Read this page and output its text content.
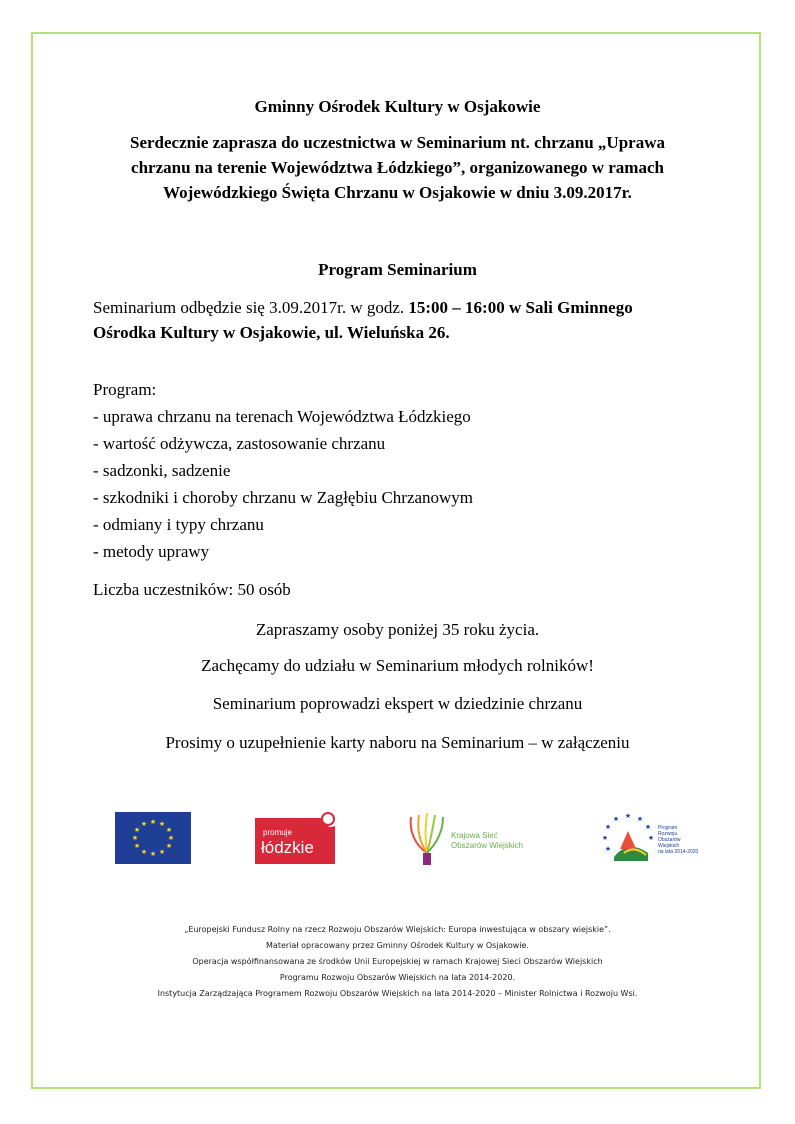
Gminny Ośrodek Kultury w Osjakowie
Serdecznie zaprasza do uczestnictwa w Seminarium nt. chrzanu „Uprawa
chrzanu na terenie Województwa Łódzkiego”, organizowanego w ramach
Wojewódzkiego Święta Chrzanu w Osjakowie w dniu 3.09.2017r.
Program Seminarium
Seminarium odbędzie się 3.09.2017r. w godz. 15:00 – 16:00 w Sali Gminnego
Ośrodka Kultury w Osjakowie, ul. Wieluńska 26.
Program:
- uprawa chrzanu na terenach Województwa Łódzkiego
- wartość odżywcza, zastosowanie chrzanu
- sadzonki, sadzenie
- szkodniki i choroby chrzanu w Zagłębiu Chrzanowym
- odmiany i typy chrzanu
- metody uprawy
Liczba uczestników: 50 osób
Zapraszamy osoby poniżej 35 roku życia.
Zachęcamy do udziału w Seminarium młodych rolników!
Seminarium poprowadzi ekspert w dziedzinie chrzanu
Prosimy o uzupełnienie karty naboru na Seminarium – w załączeniu
★ ★
★
★
★
★
★
★
★
★
★
★
promuje
łódzkie
Krajowa Sieć
Obszarów Wiejskich
★ ★
★
★
★
★
★
★
Program
Rozwoju
Obszarów
Wiejskich
na lata 2014-2020
„Europejski Fundusz Rolny na rzecz Rozwoju Obszarów Wiejskich: Europa inwestująca w obszary wiejskie”.
Materiał opracowany przez Gminny Ośrodek Kultury w Osjakowie.
Operacja współfinansowana ze środków Unii Europejskiej w ramach Krajowej Sieci Obszarów Wiejskich
Programu Rozwoju Obszarów Wiejskich na lata 2014-2020.
Instytucja Zarządzająca Programem Rozwoju Obszarów Wiejskich na lata 2014-2020 – Minister Rolnictwa i Rozwoju Wsi.
